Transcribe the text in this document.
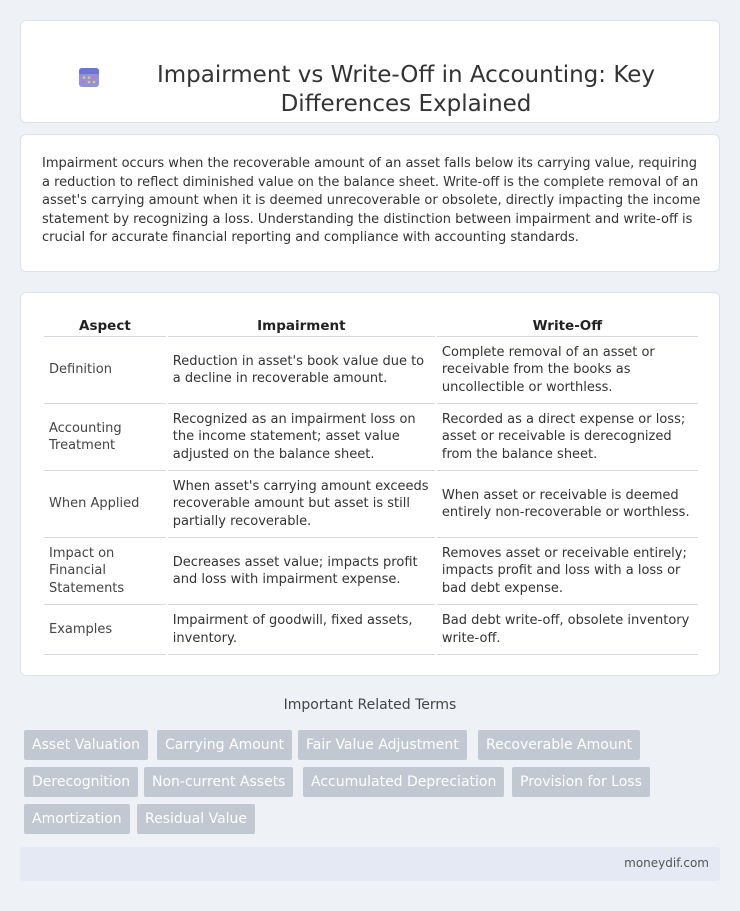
Impairment vs Write-Off in Accounting: Key Differences Explained

Impairment occurs when the recoverable amount of an asset falls below its carrying value, requiring a reduction to reflect diminished value on the balance sheet. Write-off is the complete removal of an asset's carrying amount when it is deemed unrecoverable or obsolete, directly impacting the income statement by recognizing a loss. Understanding the distinction between impairment and write-off is crucial for accurate financial reporting and compliance with accounting standards.

Aspect	Impairment	Write-Off
Definition	Reduction in asset's book value due to a decline in recoverable amount.	Complete removal of an asset or receivable from the books as uncollectible or worthless.
Accounting Treatment	Recognized as an impairment loss on the income statement; asset value adjusted on the balance sheet.	Recorded as a direct expense or loss; asset or receivable is derecognized from the balance sheet.
When Applied	When asset's carrying amount exceeds recoverable amount but asset is still partially recoverable.	When asset or receivable is deemed entirely non-recoverable or worthless.
Impact on Financial Statements	Decreases asset value; impacts profit and loss with impairment expense.	Removes asset or receivable entirely; impacts profit and loss with a loss or bad debt expense.
Examples	Impairment of goodwill, fixed assets, inventory.	Bad debt write-off, obsolete inventory write-off.
Important Related Terms
Asset Valuation	Carrying Amount	Fair Value Adjustment	Recoverable Amount
Derecognition	Non-current Assets	Accumulated Depreciation	Provision for Loss
Amortization	Residual Value
moneydif.com
